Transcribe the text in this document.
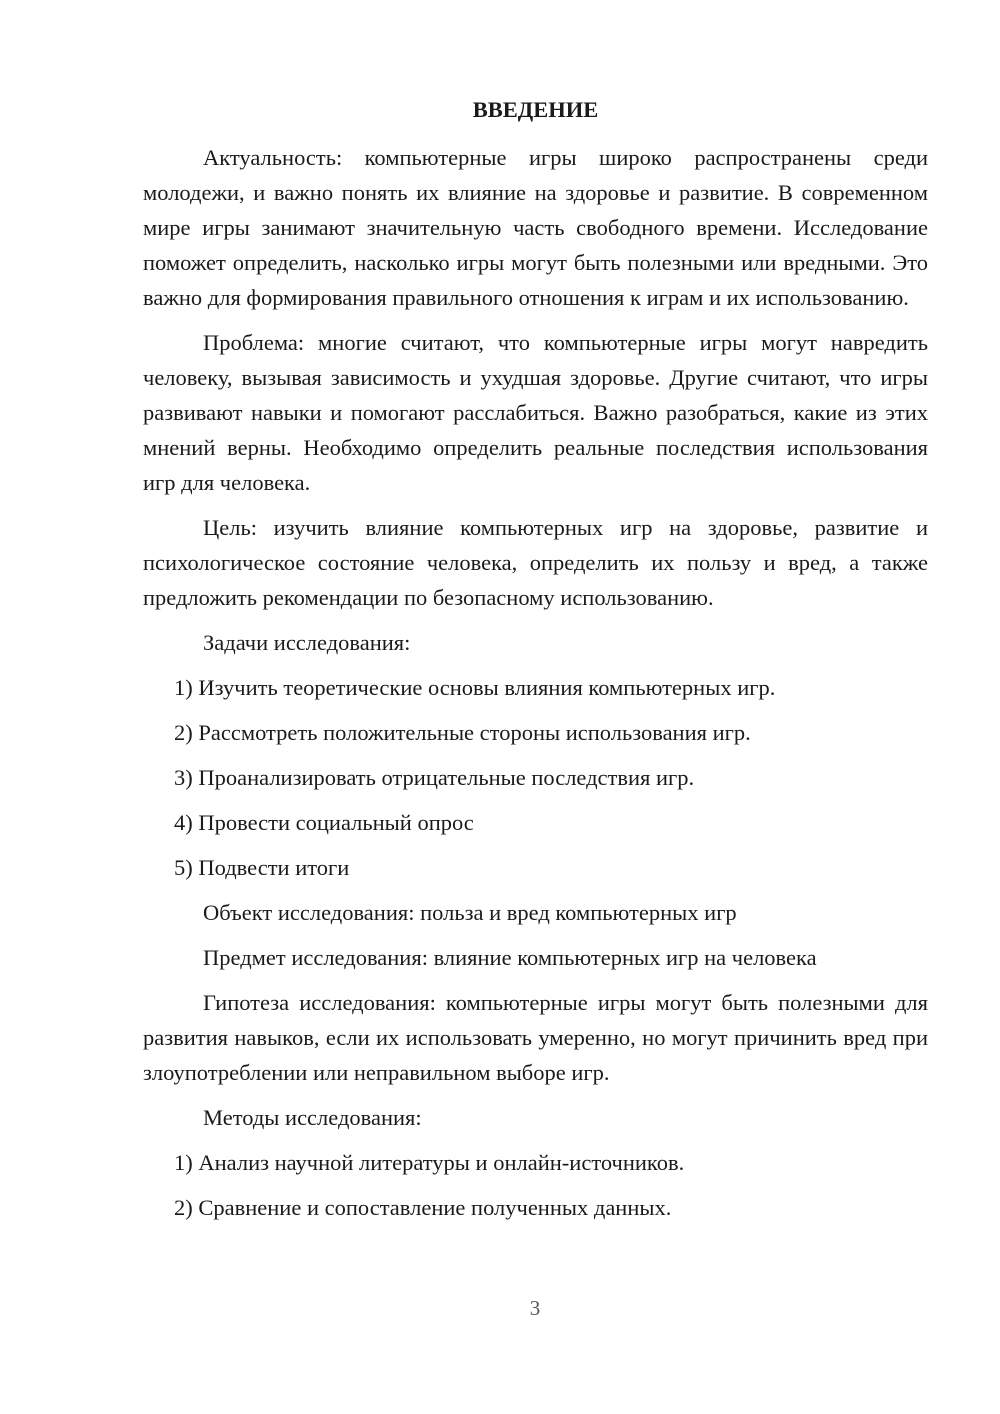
ВВЕДЕНИЕ

Актуальность: компьютерные игры широко распространены среди молодежи, и важно понять их влияние на здоровье и развитие. В современном мире игры занимают значительную часть свободного времени. Исследование поможет определить, насколько игры могут быть полезными или вредными. Это важно для формирования правильного отношения к играм и их использованию.

Проблема: многие считают, что компьютерные игры могут навредить человеку, вызывая зависимость и ухудшая здоровье. Другие считают, что игры развивают навыки и помогают расслабиться. Важно разобраться, какие из этих мнений верны. Необходимо определить реальные последствия использования игр для человека.

Цель: изучить влияние компьютерных игр на здоровье, развитие и психологическое состояние человека, определить их пользу и вред, а также предложить рекомендации по безопасному использованию.

Задачи исследования:

1) Изучить теоретические основы влияния компьютерных игр.
2) Рассмотреть положительные стороны использования игр.
3) Проанализировать отрицательные последствия игр.
4) Провести социальный опрос
5) Подвести итоги

Объект исследования: польза и вред компьютерных игр

Предмет исследования: влияние компьютерных игр на человека

Гипотеза исследования: компьютерные игры могут быть полезными для развития навыков, если их использовать умеренно, но могут причинить вред при злоупотреблении или неправильном выборе игр.

Методы исследования:

1) Анализ научной литературы и онлайн-источников.
2) Сравнение и сопоставление полученных данных.
3
